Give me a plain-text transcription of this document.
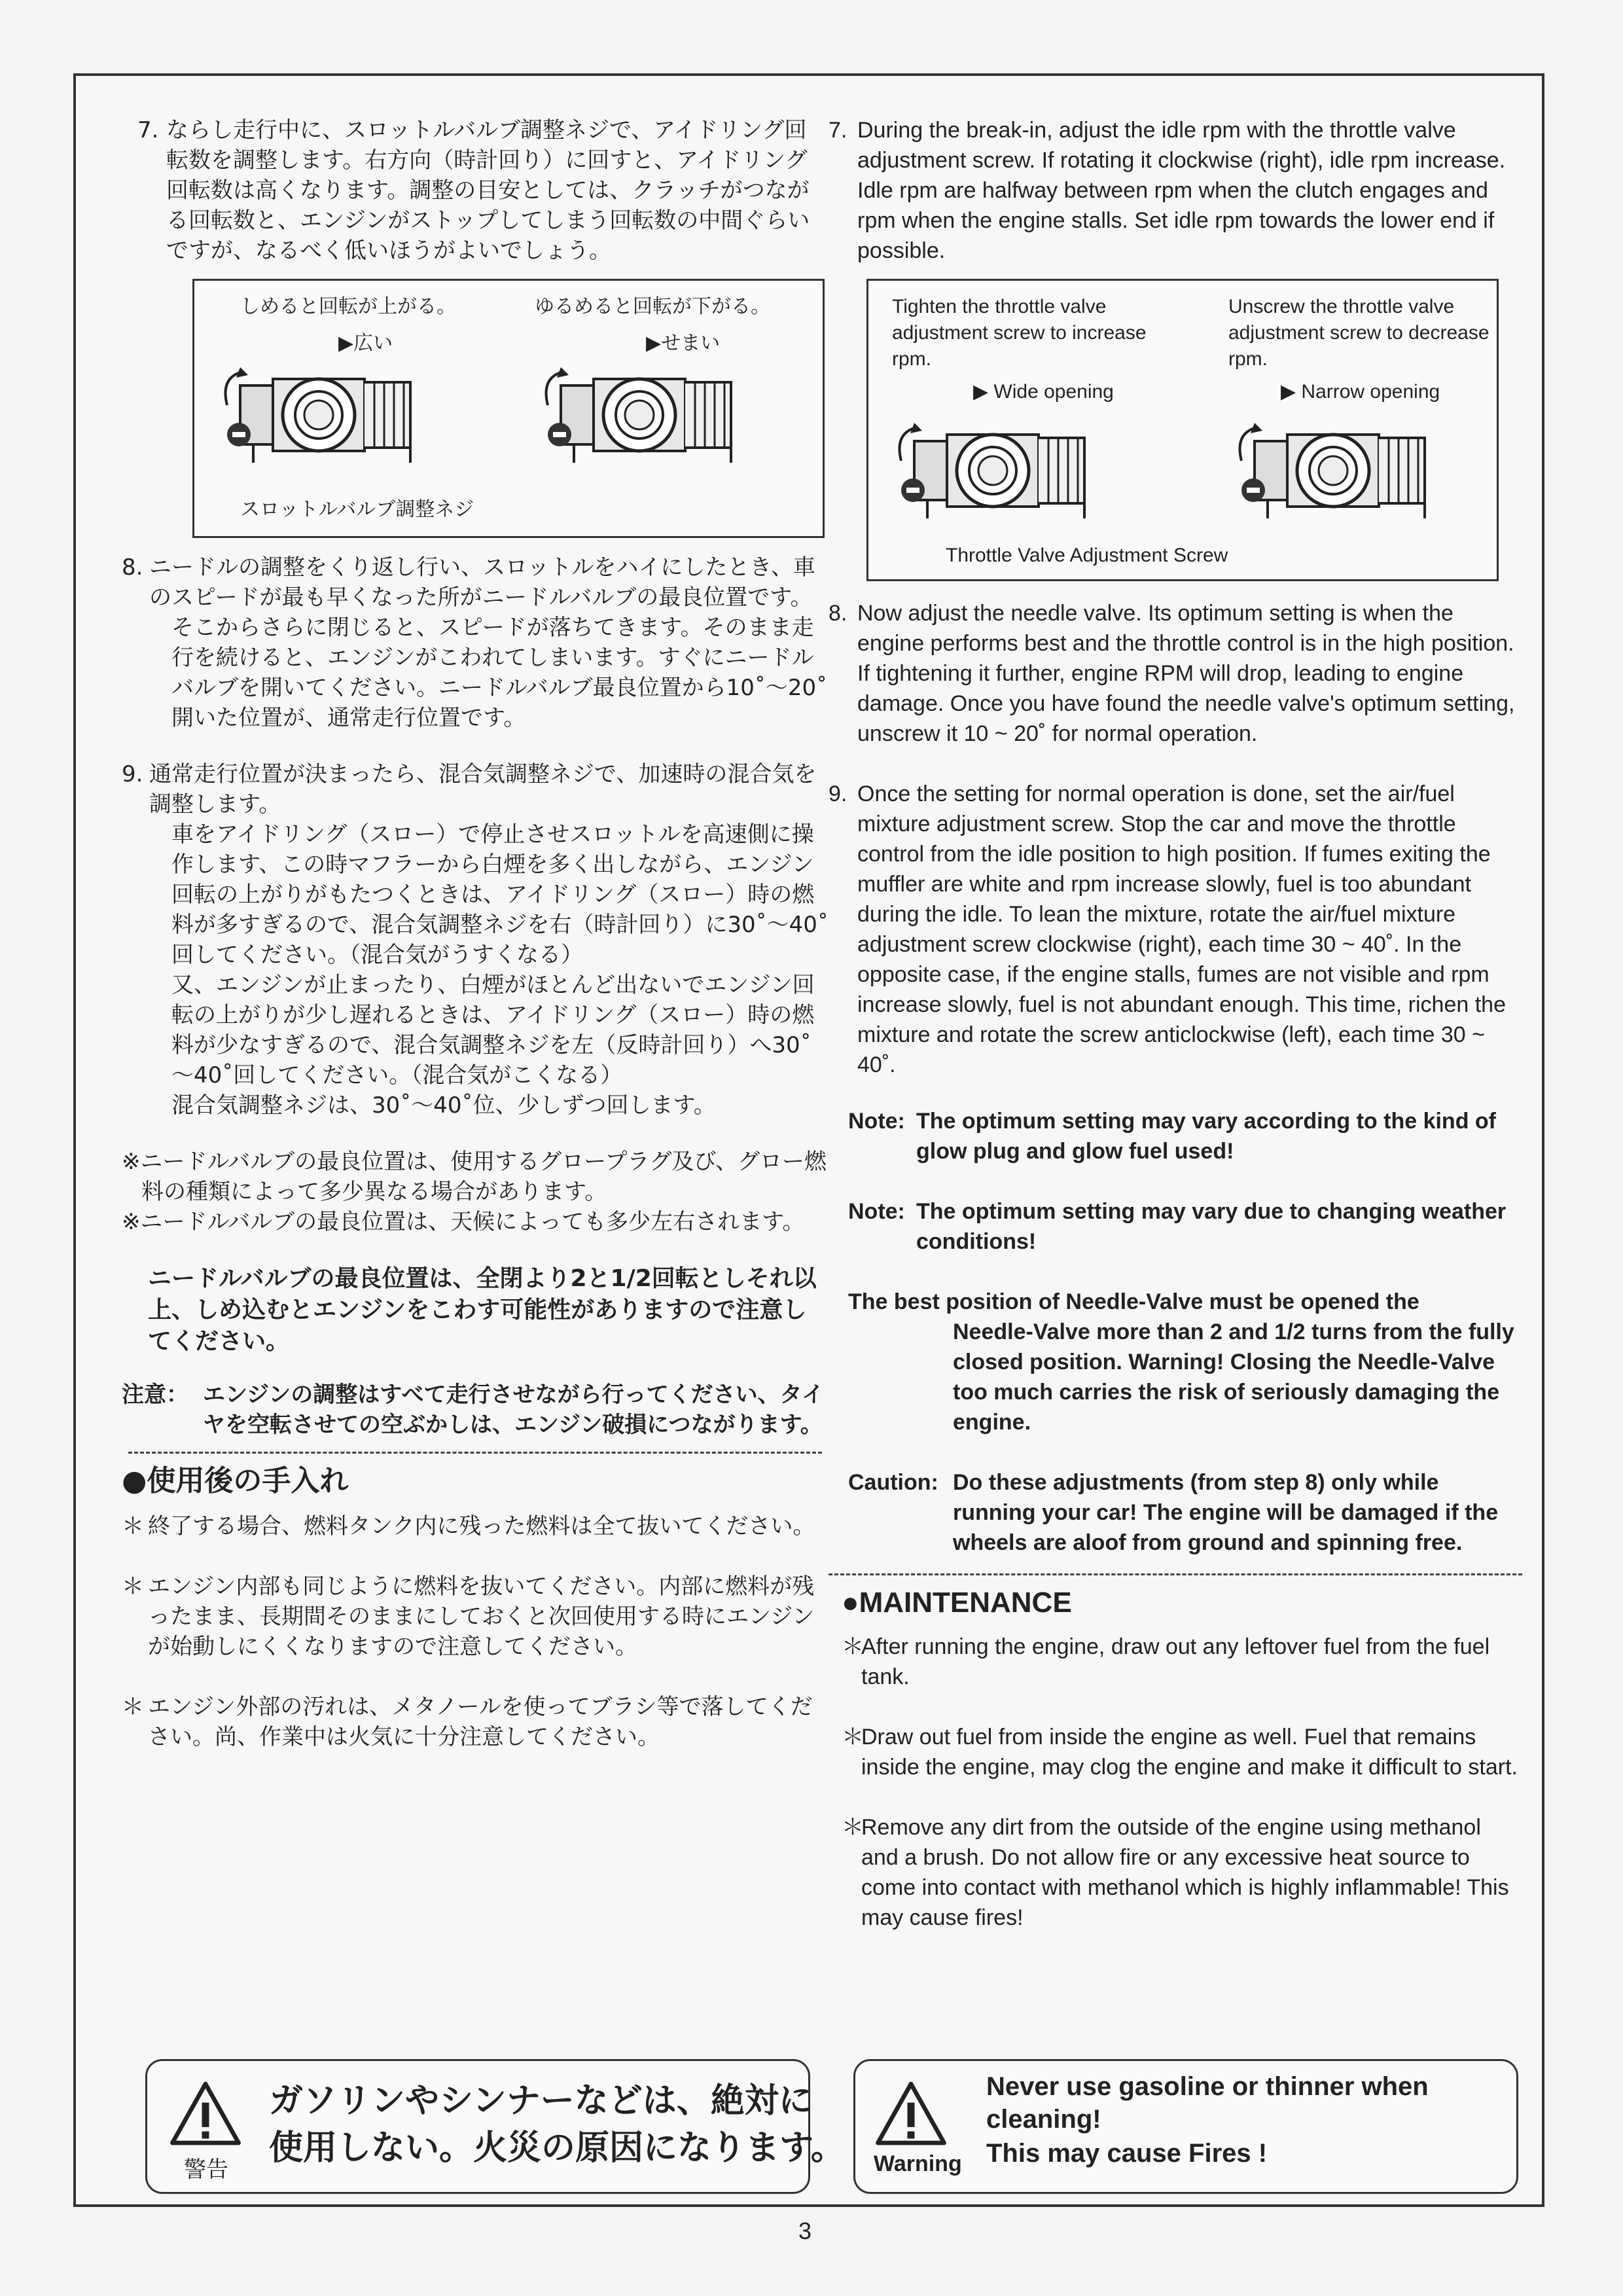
7. ならし走行中に、スロットルバルブ調整ネジで、アイドリング回転数を調整します。右方向（時計回り）に回すと、アイドリング回転数は高くなります。調整の目安としては、クラッチがつながる回転数と、エンジンがストップしてしまう回転数の中間ぐらいですが、なるべく低いほうがよいでしょう。

しめると回転が上がる。	ゆるめると回転が下がる。
▶広い	▶せまい
スロットルバルブ調整ネジ
8. ニードルの調整をくり返し行い、スロットルをハイにしたとき、車のスピードが最も早くなった所がニードルバルブの最良位置です。

そこからさらに閉じると、スピードが落ちてきます。そのまま走行を続けると、エンジンがこわれてしまいます。すぐにニードルバルブを開いてください。ニードルバルブ最良位置から10˚～20˚開いた位置が、通常走行位置です。

9. 通常走行位置が決まったら、混合気調整ネジで、加速時の混合気を調整します。

車をアイドリング（スロー）で停止させスロットルを高速側に操作します、この時マフラーから白煙を多く出しながら、エンジン回転の上がりがもたつくときは、アイドリング（スロー）時の燃料が多すぎるので、混合気調整ネジを右（時計回り）に30˚～40˚回してください。（混合気がうすくなる）

又、エンジンが止まったり、白煙がほとんど出ないでエンジン回転の上がりが少し遅れるときは、アイドリング（スロー）時の燃料が少なすぎるので、混合気調整ネジを左（反時計回り）へ30˚～40˚回してください。（混合気がこくなる）

混合気調整ネジは、30˚～40˚位、少しずつ回します。

※ニードルバルブの最良位置は、使用するグロープラグ及び、グロー燃料の種類によって多少異なる場合があります。

※ニードルバルブの最良位置は、天候によっても多少左右されます。

ニードルバルブの最良位置は、全閉より2と1/2回転としそれ以上、しめ込むとエンジンをこわす可能性がありますので注意してください。

注意： エンジンの調整はすべて走行させながら行ってください、タイヤを空転させての空ぶかしは、エンジン破損につながります。

●使用後の手入れ
＊ 終了する場合、燃料タンク内に残った燃料は全て抜いてください。

＊ エンジン内部も同じように燃料を抜いてください。内部に燃料が残ったまま、長期間そのままにしておくと次回使用する時にエンジンが始動しにくくなりますので注意してください。

＊ エンジン外部の汚れは、メタノールを使ってブラシ等で落してください。尚、作業中は火気に十分注意してください。

警告
ガソリンやシンナーなどは、絶対に
使用しない。火災の原因になります。
7. During the break-in, adjust the idle rpm with the throttle valve adjustment screw. If rotating it clockwise (right), idle rpm increase. Idle rpm are halfway between rpm when the clutch engages and rpm when the engine stalls. Set idle rpm towards the lower end if possible.

Tighten the throttle valve adjustment screw to increase rpm.
Unscrew the throttle valve adjustment screw to decrease rpm.
▶ Wide opening	▶ Narrow opening
Throttle Valve Adjustment Screw
8. Now adjust the needle valve. Its optimum setting is when the engine performs best and the throttle control is in the high position. If tightening it further, engine RPM will drop, leading to engine damage. Once you have found the needle valve's optimum setting, unscrew it 10 ~ 20˚ for normal operation.

9. Once the setting for normal operation is done, set the air/fuel mixture adjustment screw. Stop the car and move the throttle control from the idle position to high position. If fumes exiting the muffler are white and rpm increase slowly, fuel is too abundant during the idle. To lean the mixture, rotate the air/fuel mixture adjustment screw clockwise (right), each time 30 ~ 40˚. In the opposite case, if the engine stalls, fumes are not visible and rpm increase slowly, fuel is not abundant enough. This time, richen the mixture and rotate the screw anticlockwise (left), each time 30 ~ 40˚.

Note: The optimum setting may vary according to the kind of glow plug and glow fuel used!

Note: The optimum setting may vary due to changing weather conditions!

The best position of Needle-Valve must be opened the

Needle-Valve more than 2 and 1/2 turns from the fully closed position. Warning! Closing the Needle-Valve too much carries the risk of seriously damaging the engine.

Caution: Do these adjustments (from step 8) only while running your car! The engine will be damaged if the wheels are aloof from ground and spinning free.

●MAINTENANCE
＊

After running the engine, draw out any leftover fuel from the fuel tank.

＊

Draw out fuel from inside the engine as well. Fuel that remains inside the engine, may clog the engine and make it difficult to start.

＊

Remove any dirt from the outside of the engine using methanol and a brush. Do not allow fire or any excessive heat source to come into contact with methanol which is highly inflammable! This may cause fires!

Warning
Never use gasoline or thinner when cleaning!
This may cause Fires !
3
